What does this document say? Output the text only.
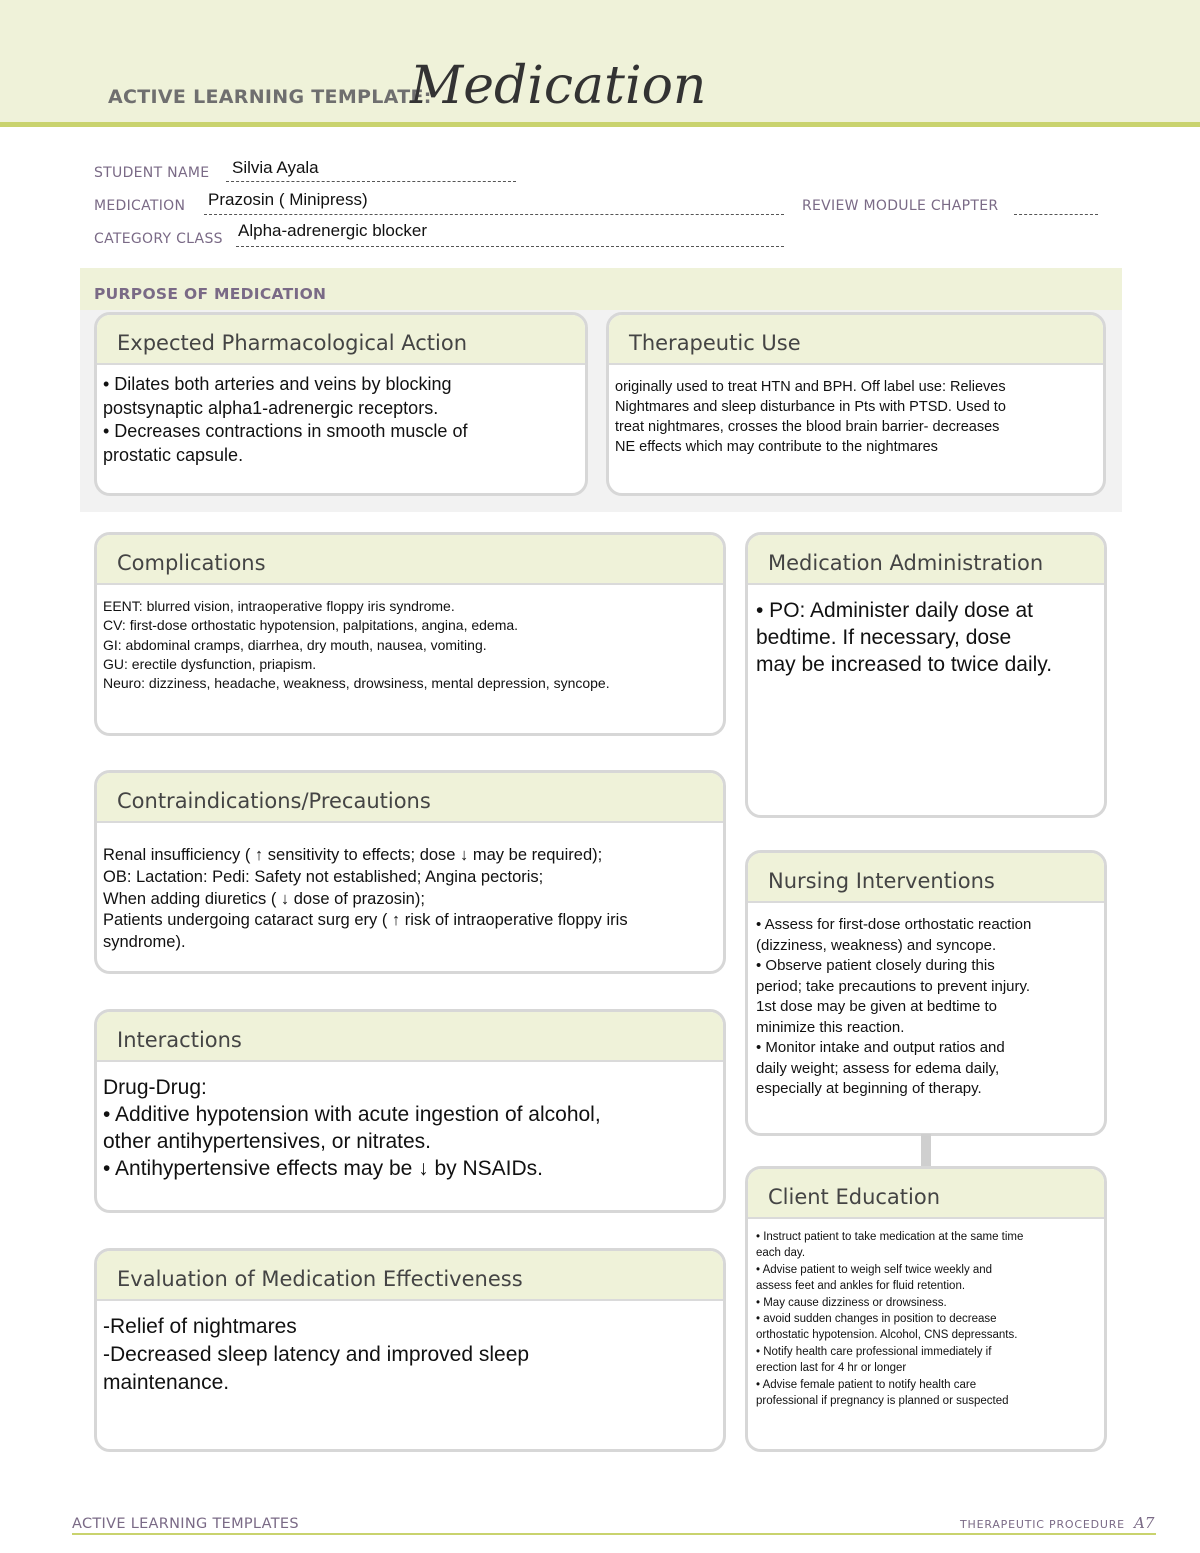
ACTIVE LEARNING TEMPLATE:
Medication
STUDENT NAME Silvia Ayala
MEDICATION Prazosin ( Minipress)	REVIEW MODULE CHAPTER
CATEGORY CLASS Alpha-adrenergic blocker
PURPOSE OF MEDICATION
Expected Pharmacological Action
• Dilates both arteries and veins by blocking
postsynaptic alpha1-adrenergic receptors.
• Decreases contractions in smooth muscle of
prostatic capsule.
Therapeutic Use
originally used to treat HTN and BPH. Off label use: Relieves
Nightmares and sleep disturbance in Pts with PTSD. Used to
treat nightmares, crosses the blood brain barrier- decreases
NE effects which may contribute to the nightmares
Complications
EENT: blurred vision, intraoperative floppy iris syndrome.
CV: first-dose orthostatic hypotension, palpitations, angina, edema.
GI: abdominal cramps, diarrhea, dry mouth, nausea, vomiting.
GU: erectile dysfunction, priapism.
Neuro: dizziness, headache, weakness, drowsiness, mental depression, syncope.
Medication Administration
• PO: Administer daily dose at
bedtime. If necessary, dose
may be increased to twice daily.
Contraindications/Precautions
Renal insufficiency ( ↑ sensitivity to effects; dose ↓ may be required);
OB: Lactation: Pedi: Safety not established; Angina pectoris;
When adding diuretics ( ↓ dose of prazosin);
Patients undergoing cataract surg ery ( ↑ risk of intraoperative floppy iris
syndrome).
Nursing Interventions
• Assess for first-dose orthostatic reaction
(dizziness, weakness) and syncope.
• Observe patient closely during this
period; take precautions to prevent injury.
1st dose may be given at bedtime to
minimize this reaction.
• Monitor intake and output ratios and
daily weight; assess for edema daily,
especially at beginning of therapy.
Interactions
Drug-Drug:
• Additive hypotension with acute ingestion of alcohol,
other antihypertensives, or nitrates.
• Antihypertensive effects may be ↓ by NSAIDs.
Client Education
• Instruct patient to take medication at the same time
each day.
• Advise patient to weigh self twice weekly and
assess feet and ankles for fluid retention.
• May cause dizziness or drowsiness.
• avoid sudden changes in position to decrease
orthostatic hypotension. Alcohol, CNS depressants.
• Notify health care professional immediately if
erection last for 4 hr or longer
• Advise female patient to notify health care
professional if pregnancy is planned or suspected
Evaluation of Medication Effectiveness
-Relief of nightmares
-Decreased sleep latency and improved sleep
maintenance.
ACTIVE LEARNING TEMPLATES	THERAPEUTIC PROCEDURE A7
